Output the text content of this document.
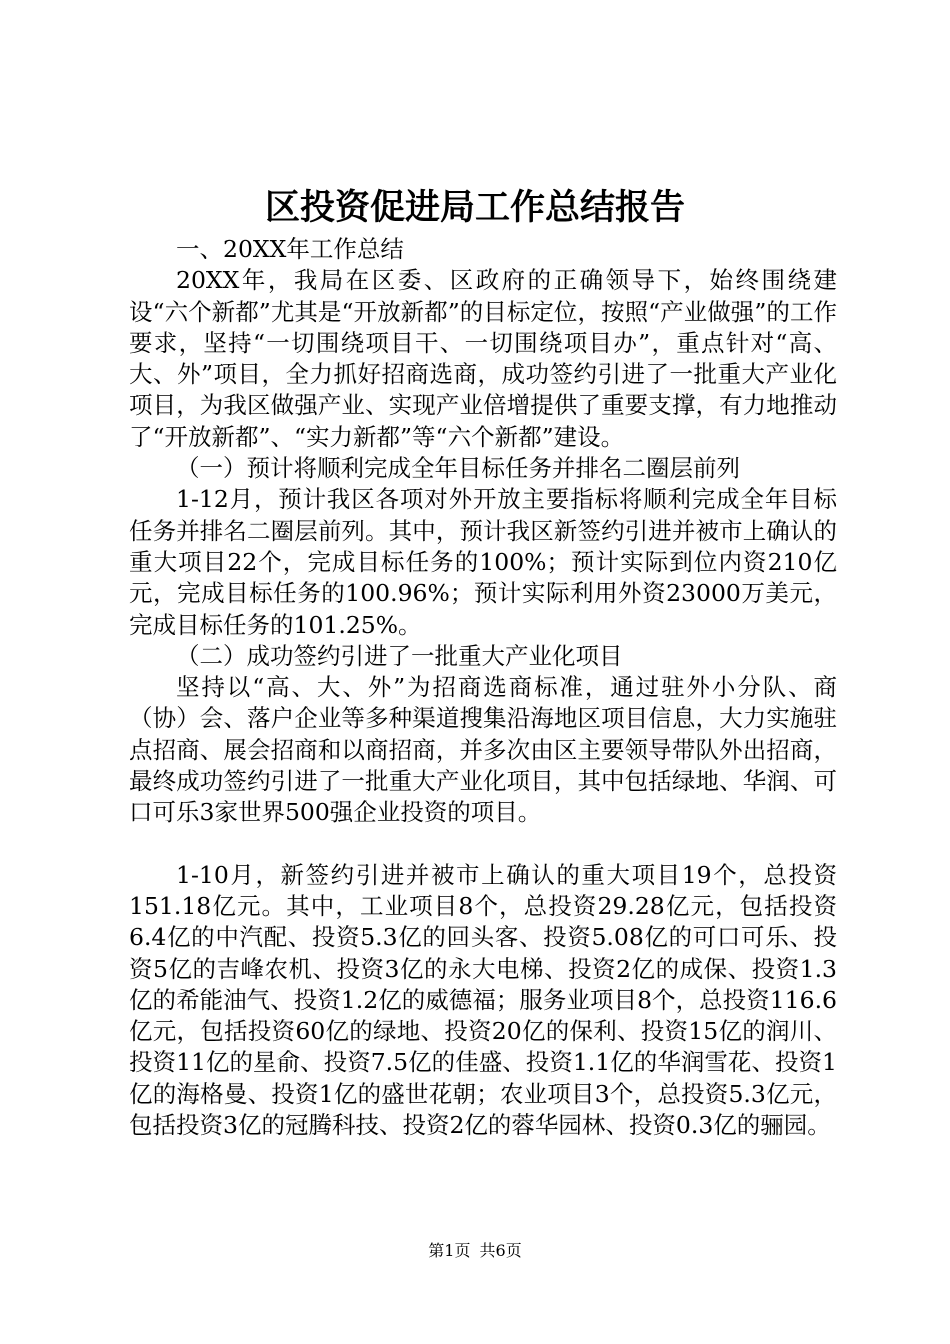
区投资促进局工作总结报告

一、20XX年工作总结

20XX年，我局在区委、区政府的正确领导下，始终围绕建设“六个新都”尤其是“开放新都”的目标定位，按照“产业做强”的工作要求，坚持“一切围绕项目干、一切围绕项目办”，重点针对“高、大、外”项目，全力抓好招商选商，成功签约引进了一批重大产业化项目，为我区做强产业、实现产业倍增提供了重要支撑，有力地推动了“开放新都”、“实力新都”等“六个新都”建设。

（一）预计将顺利完成全年目标任务并排名二圈层前列

1-12月，预计我区各项对外开放主要指标将顺利完成全年目标任务并排名二圈层前列。其中，预计我区新签约引进并被市上确认的重大项目22个，完成目标任务的100%；预计实际到位内资210亿元，完成目标任务的100.96%；预计实际利用外资23000万美元，完成目标任务的101.25%。

（二）成功签约引进了一批重大产业化项目

坚持以“高、大、外”为招商选商标准，通过驻外小分队、商（协）会、落户企业等多种渠道搜集沿海地区项目信息，大力实施驻点招商、展会招商和以商招商，并多次由区主要领导带队外出招商，最终成功签约引进了一批重大产业化项目，其中包括绿地、华润、可口可乐3家世界500强企业投资的项目。

1-10月，新签约引进并被市上确认的重大项目19个，总投资151.18亿元。其中，工业项目8个，总投资29.28亿元，包括投资6.4亿的中汽配、投资5.3亿的回头客、投资5.08亿的可口可乐、投资5亿的吉峰农机、投资3亿的永大电梯、投资2亿的成保、投资1.3亿的希能油气、投资1.2亿的威德福；服务业项目8个，总投资116.6亿元，包括投资60亿的绿地、投资20亿的保利、投资15亿的润川、投资11亿的星俞、投资7.5亿的佳盛、投资1.1亿的华润雪花、投资1亿的海格曼、投资1亿的盛世花朝；农业项目3个，总投资5.3亿元，包括投资3亿的冠腾科技、投资2亿的蓉华园林、投资0.3亿的骊园。

第1页 共6页
